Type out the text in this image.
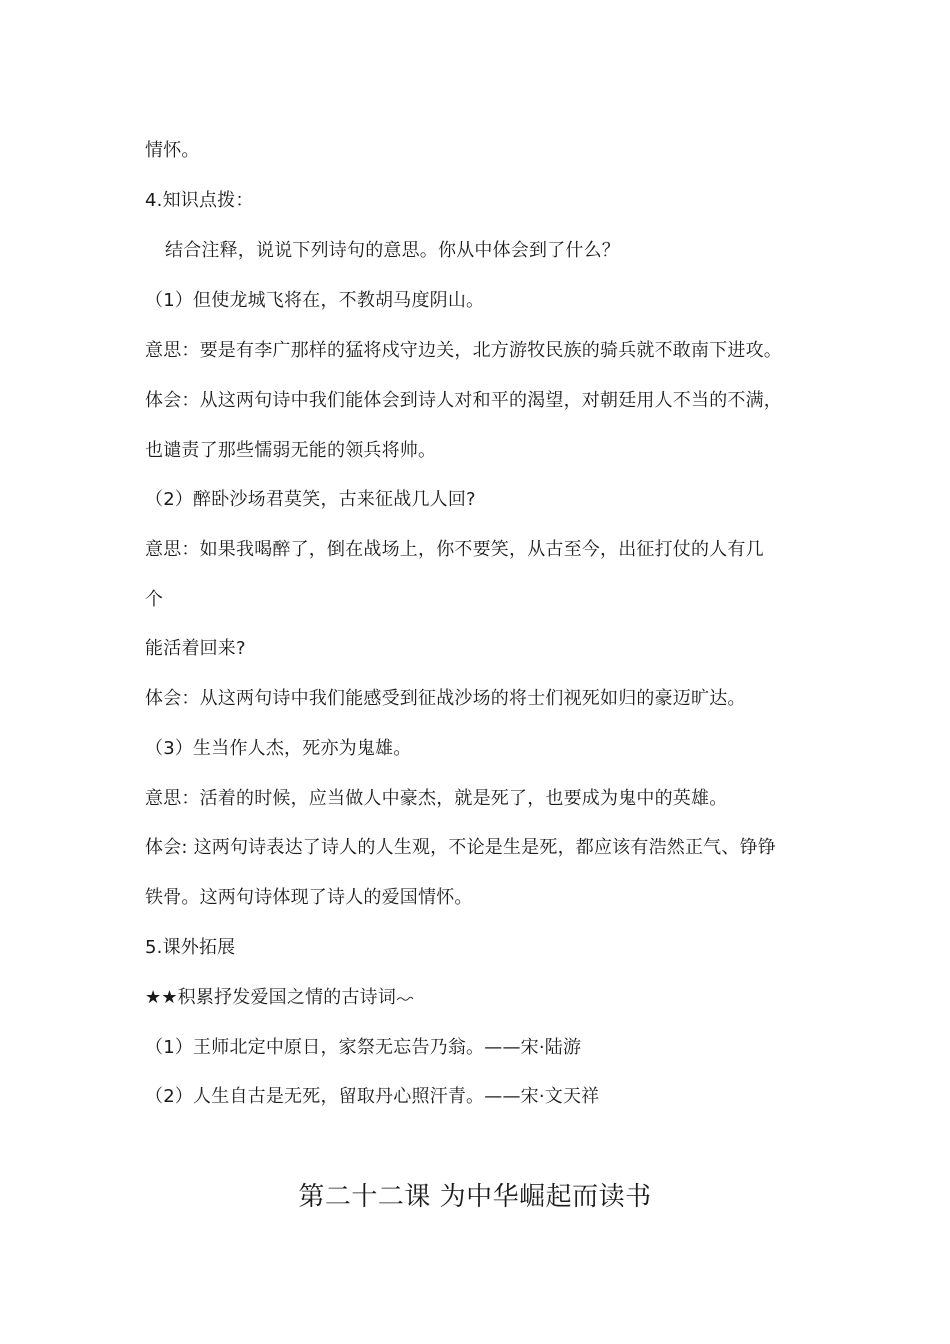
情怀。
4.知识点拨：
结合注释，说说下列诗句的意思。你从中体会到了什么？
（1）但使龙城飞将在，不教胡马度阴山。
意思：要是有李广那样的猛将戍守边关，北方游牧民族的骑兵就不敢南下进攻。
体会：从这两句诗中我们能体会到诗人对和平的渴望，对朝廷用人不当的不满，
也谴责了那些懦弱无能的领兵将帅。
（2）醉卧沙场君莫笑，古来征战几人回?
意思：如果我喝醉了，倒在战场上，你不要笑，从古至今，出征打仗的人有几
个
能活着回来?
体会：从这两句诗中我们能感受到征战沙场的将士们视死如归的豪迈旷达。
（3）生当作人杰，死亦为鬼雄。
意思：活着的时候，应当做人中豪杰，就是死了，也要成为鬼中的英雄。
体会: 这两句诗表达了诗人的人生观，不论是生是死，都应该有浩然正气、铮铮
铁骨。这两句诗体现了诗人的爱国情怀。
5.课外拓展
★★积累抒发爱国之情的古诗词
（1）王师北定中原日，家祭无忘告乃翁。——宋·陆游
（2）人生自古是无死，留取丹心照汗青。——宋·文天祥
第二十二课 为中华崛起而读书
